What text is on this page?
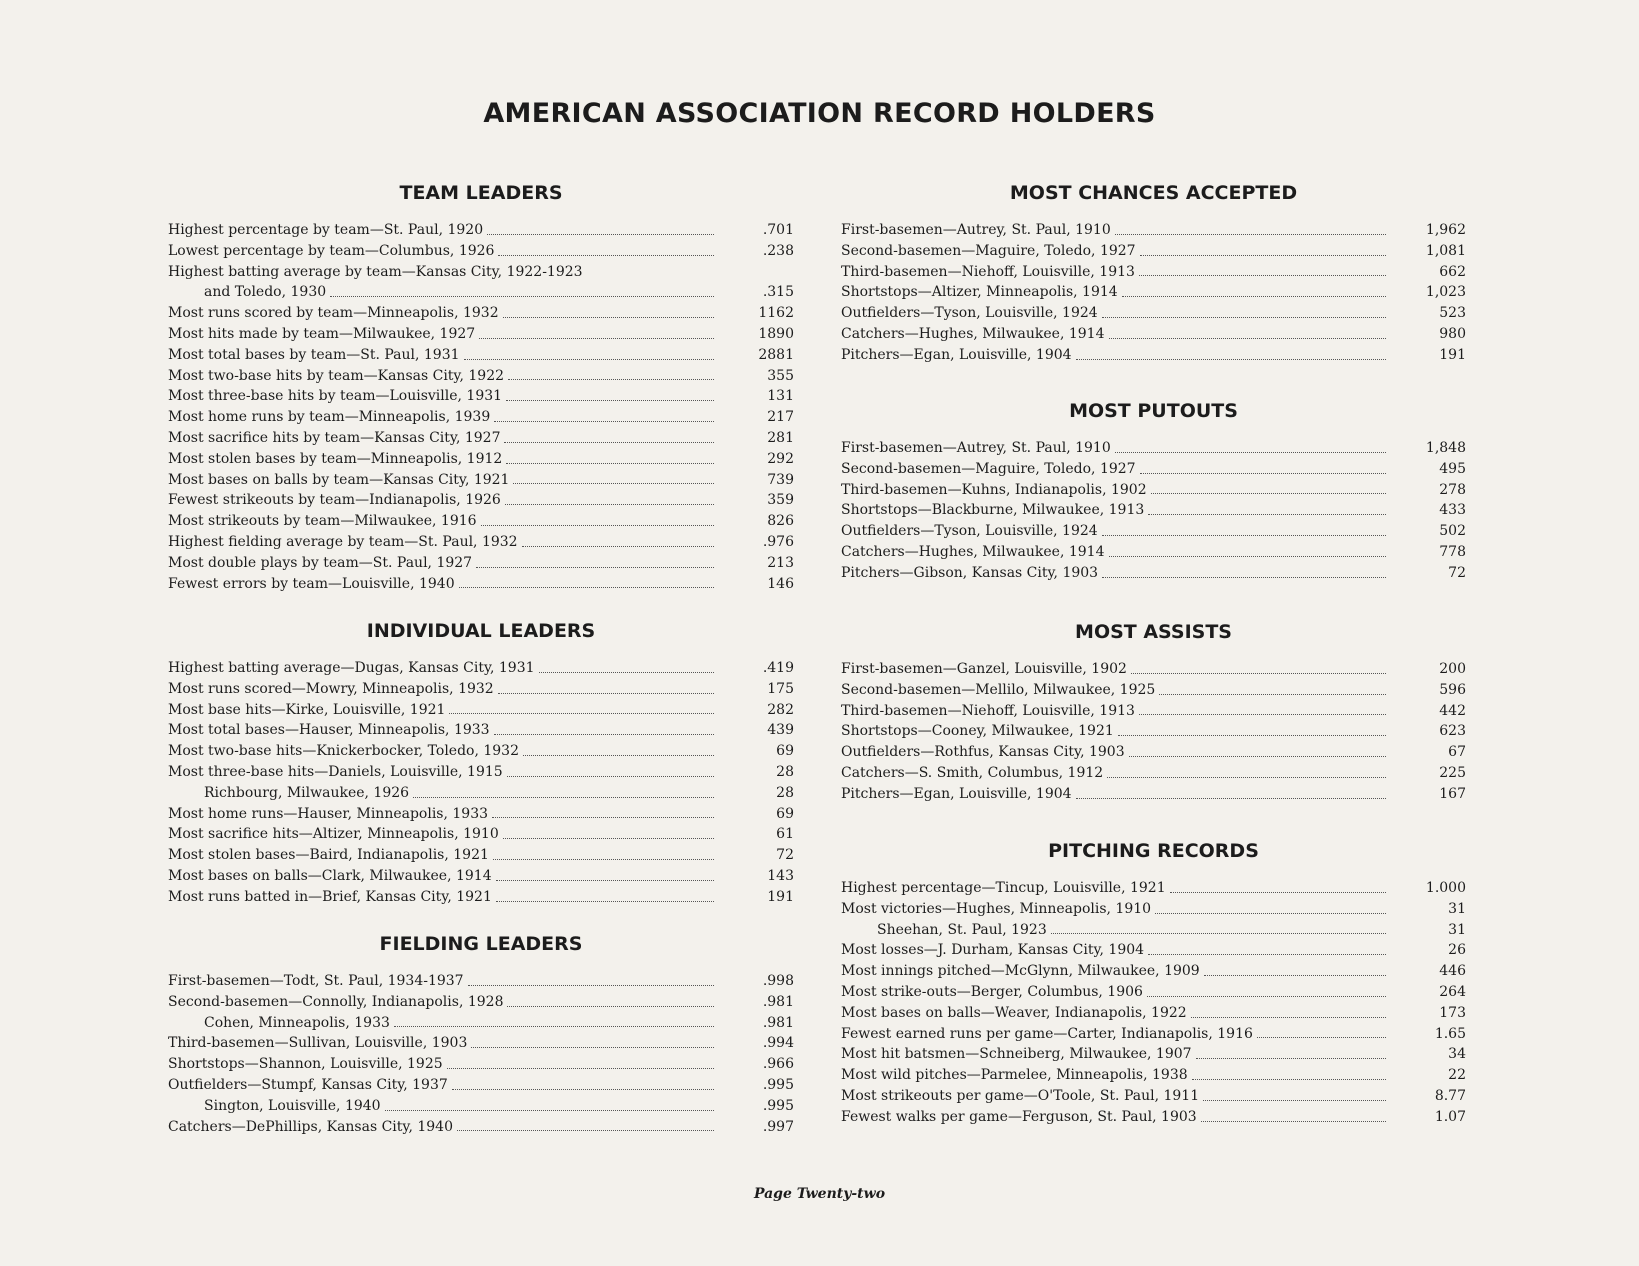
AMERICAN ASSOCIATION RECORD HOLDERS
TEAM LEADERS
Highest percentage by team—St. Paul, 1920	.701
Lowest percentage by team—Columbus, 1926	.238
Highest batting average by team—Kansas City, 1922-1923
and Toledo, 1930	.315
Most runs scored by team—Minneapolis, 1932	1162
Most hits made by team—Milwaukee, 1927	1890
Most total bases by team—St. Paul, 1931	2881
Most two-base hits by team—Kansas City, 1922	355
Most three-base hits by team—Louisville, 1931	131
Most home runs by team—Minneapolis, 1939	217
Most sacrifice hits by team—Kansas City, 1927	281
Most stolen bases by team—Minneapolis, 1912	292
Most bases on balls by team—Kansas City, 1921	739
Fewest strikeouts by team—Indianapolis, 1926	359
Most strikeouts by team—Milwaukee, 1916	826
Highest fielding average by team—St. Paul, 1932	.976
Most double plays by team—St. Paul, 1927	213
Fewest errors by team—Louisville, 1940	146
INDIVIDUAL LEADERS
Highest batting average—Dugas, Kansas City, 1931	.419
Most runs scored—Mowry, Minneapolis, 1932	175
Most base hits—Kirke, Louisville, 1921	282
Most total bases—Hauser, Minneapolis, 1933	439
Most two-base hits—Knickerbocker, Toledo, 1932	69
Most three-base hits—Daniels, Louisville, 1915	28
Richbourg, Milwaukee, 1926	28
Most home runs—Hauser, Minneapolis, 1933	69
Most sacrifice hits—Altizer, Minneapolis, 1910	61
Most stolen bases—Baird, Indianapolis, 1921	72
Most bases on balls—Clark, Milwaukee, 1914	143
Most runs batted in—Brief, Kansas City, 1921	191
FIELDING LEADERS
First-basemen—Todt, St. Paul, 1934-1937	.998
Second-basemen—Connolly, Indianapolis, 1928	.981
Cohen, Minneapolis, 1933	.981
Third-basemen—Sullivan, Louisville, 1903	.994
Shortstops—Shannon, Louisville, 1925	.966
Outfielders—Stumpf, Kansas City, 1937	.995
Sington, Louisville, 1940	.995
Catchers—DePhillips, Kansas City, 1940	.997
MOST CHANCES ACCEPTED
First-basemen—Autrey, St. Paul, 1910	1,962
Second-basemen—Maguire, Toledo, 1927	1,081
Third-basemen—Niehoff, Louisville, 1913	662
Shortstops—Altizer, Minneapolis, 1914	1,023
Outfielders—Tyson, Louisville, 1924	523
Catchers—Hughes, Milwaukee, 1914	980
Pitchers—Egan, Louisville, 1904	191
MOST PUTOUTS
First-basemen—Autrey, St. Paul, 1910	1,848
Second-basemen—Maguire, Toledo, 1927	495
Third-basemen—Kuhns, Indianapolis, 1902	278
Shortstops—Blackburne, Milwaukee, 1913	433
Outfielders—Tyson, Louisville, 1924	502
Catchers—Hughes, Milwaukee, 1914	778
Pitchers—Gibson, Kansas City, 1903	72
MOST ASSISTS
First-basemen—Ganzel, Louisville, 1902	200
Second-basemen—Mellilo, Milwaukee, 1925	596
Third-basemen—Niehoff, Louisville, 1913	442
Shortstops—Cooney, Milwaukee, 1921	623
Outfielders—Rothfus, Kansas City, 1903	67
Catchers—S. Smith, Columbus, 1912	225
Pitchers—Egan, Louisville, 1904	167
PITCHING RECORDS
Highest percentage—Tincup, Louisville, 1921	1.000
Most victories—Hughes, Minneapolis, 1910	31
Sheehan, St. Paul, 1923	31
Most losses—J. Durham, Kansas City, 1904	26
Most innings pitched—McGlynn, Milwaukee, 1909	446
Most strike-outs—Berger, Columbus, 1906	264
Most bases on balls—Weaver, Indianapolis, 1922	173
Fewest earned runs per game—Carter, Indianapolis, 1916	1.65
Most hit batsmen—Schneiberg, Milwaukee, 1907	34
Most wild pitches—Parmelee, Minneapolis, 1938	22
Most strikeouts per game—O'Toole, St. Paul, 1911	8.77
Fewest walks per game—Ferguson, St. Paul, 1903	1.07
Page Twenty-two
